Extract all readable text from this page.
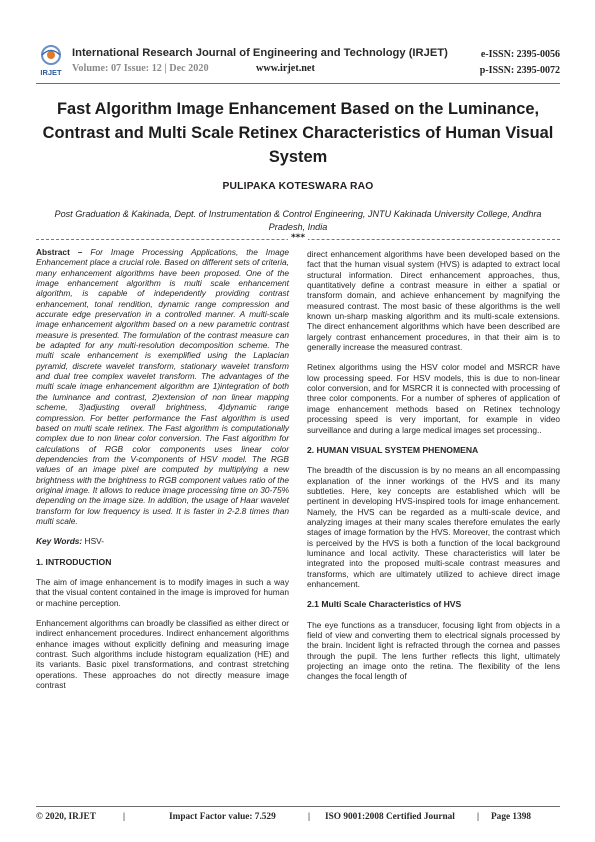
IRJET
International Research Journal of Engineering and Technology (IRJET)
Volume: 07 Issue: 12 | Dec 2020	www.irjet.net
e-ISSN: 2395-0056
p-ISSN: 2395-0072
Fast Algorithm Image Enhancement Based on the Luminance, Contrast and Multi Scale Retinex Characteristics of Human Visual System
PULIPAKA KOTESWARA RAO
Post Graduation & Kakinada, Dept. of Instrumentation & Control Engineering, JNTU Kakinada University College, Andhra Pradesh, India
***

Abstract – For Image Processing Applications, the Image Enhancement place a crucial role. Based on different sets of criteria, many enhancement algorithms have been proposed. One of the image enhancement algorithm is multi scale enhancement algorithm, is capable of independently providing contrast enhancement, tonal rendition, dynamic range compression and accurate edge preservation in a controlled manner. A multi-scale image enhancement algorithm based on a new parametric contrast measure is presented. The formulation of the contrast measure can be adapted for any multi-resolution decomposition scheme. The multi scale enhancement is exemplified using the Laplacian pyramid, discrete wavelet transform, stationary wavelet transform and dual tree complex wavelet transform. The advantages of the multi scale image enhancement algorithm are 1)integration of both the luminance and contrast, 2)extension of non linear mapping scheme, 3)adjusting overall brightness, 4)dynamic range compression. For better performance the Fast algorithm is used based on multi scale retinex. The Fast algorithm is computationally complex due to non linear color conversion. The Fast algorithm for calculations of RGB color components uses linear color dependencies from the V-components of HSV model. The RGB values of an image pixel are computed by multiplying a new brightness with the brightness to RGB component values ratio of the original image. It allows to reduce image processing time on 30-75% depending on the image size. In addition, the usage of Haar wavelet transform for low frequency is used. It is faster in 2-2.8 times than multi scale.

Key Words: HSV-
1. INTRODUCTION

The aim of image enhancement is to modify images in such a way that the visual content contained in the image is improved for human or machine perception.

Enhancement algorithms can broadly be classified as either direct or indirect enhancement procedures. Indirect enhancement algorithms enhance images without explicitly defining and measuring image contrast. Such algorithms include histogram equalization (HE) and its variants. Basic pixel transformations, and contrast stretching operations. These approaches do not directly measure image contrast

direct enhancement algorithms have been developed based on the fact that the human visual system (HVS) is adapted to extract local structural information. Direct enhancement approaches, thus, quantitatively define a contrast measure in either a spatial or transform domain, and achieve enhancement by magnifying the measured contrast. The most basic of these algorithms is the well known un-sharp masking algorithm and its multi-scale extensions. The direct enhancement algorithms which have been described are largely contrast enhancement procedures, in that their aim is to generally increase the measured contrast.

Retinex algorithms using the HSV color model and MSRCR have low processing speed. For HSV models, this is due to non-linear color conversion, and for MSRCR it is connected with processing of three color components. For a number of spheres of application of image enhancement methods based on Retinex technology processing speed is very important, for example in video surveillance and during a large medical images set processing..

2. HUMAN VISUAL SYSTEM PHENOMENA

The breadth of the discussion is by no means an all encompassing explanation of the inner workings of the HVS and its many subtleties. Here, key concepts are established which will be pertinent in developing HVS-inspired tools for image enhancement. Namely, the HVS can be regarded as a multi-scale device, and analyzing images at their many scales therefore emulates the early stages of image formation by the HVS. Moreover, the contrast which is perceived by the HVS is both a function of the local background luminance and local activity. These characteristics will later be integrated into the proposed multi-scale contrast measures and transforms, which are ultimately utilized to achieve direct image enhancement.

2.1 Multi Scale Characteristics of HVS

The eye functions as a transducer, focusing light from objects in a field of view and converting them to electrical signals processed by the brain. Incident light is refracted through the cornea and passes through the pupil. The lens further reflects this light, ultimately projecting an image onto the retina. The flexibility of the lens changes the focal length of

© 2020, IRJET	|	Impact Factor value: 7.529	| ISO 9001:2008 Certified Journal | Page 1398
